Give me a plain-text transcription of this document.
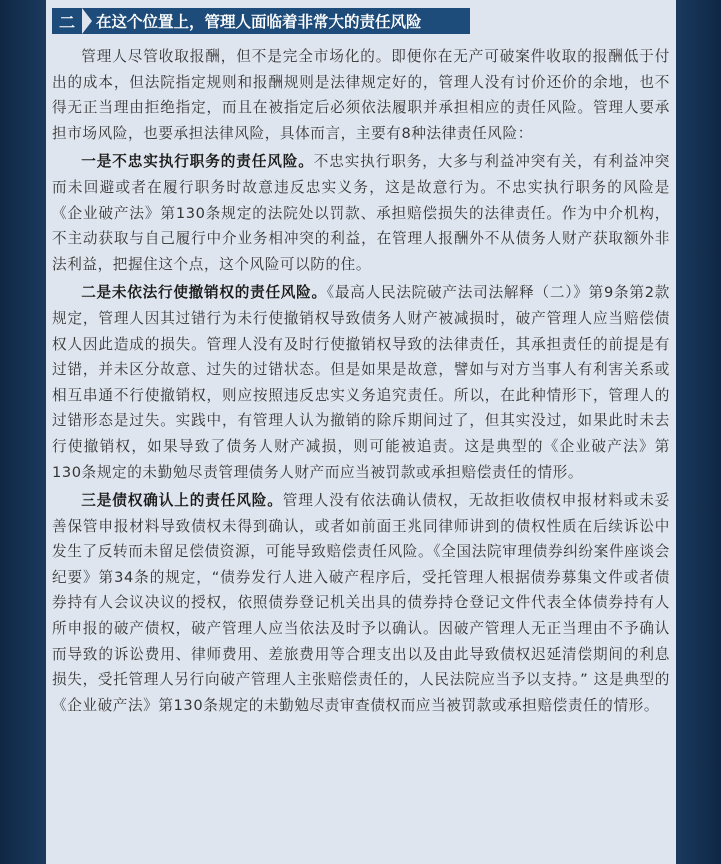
二	在这个位置上，管理人面临着非常大的责任风险

管理人尽管收取报酬，但不是完全市场化的。即便你在无产可破案件收取的报酬低于付出的成本，但法院指定规则和报酬规则是法律规定好的，管理人没有讨价还价的余地，也不得无正当理由拒绝指定，而且在被指定后必须依法履职并承担相应的责任风险。管理人要承担市场风险，也要承担法律风险，具体而言，主要有8种法律责任风险：

一是不忠实执行职务的责任风险。不忠实执行职务，大多与利益冲突有关，有利益冲突而未回避或者在履行职务时故意违反忠实义务，这是故意行为。不忠实执行职务的风险是《企业破产法》第130条规定的法院处以罚款、承担赔偿损失的法律责任。作为中介机构，不主动获取与自己履行中介业务相冲突的利益，在管理人报酬外不从债务人财产获取额外非法利益，把握住这个点，这个风险可以防的住。

二是未依法行使撤销权的责任风险。《最高人民法院破产法司法解释（二）》第9条第2款规定，管理人因其过错行为未行使撤销权导致债务人财产被减损时，破产管理人应当赔偿债权人因此造成的损失。管理人没有及时行使撤销权导致的法律责任，其承担责任的前提是有过错，并未区分故意、过失的过错状态。但是如果是故意，譬如与对方当事人有利害关系或相互串通不行使撤销权，则应按照违反忠实义务追究责任。所以，在此种情形下，管理人的过错形态是过失。实践中，有管理人认为撤销的除斥期间过了，但其实没过，如果此时未去行使撤销权，如果导致了债务人财产减损，则可能被追责。这是典型的《企业破产法》第130条规定的未勤勉尽责管理债务人财产而应当被罚款或承担赔偿责任的情形。

三是债权确认上的责任风险。管理人没有依法确认债权，无故拒收债权申报材料或未妥善保管申报材料导致债权未得到确认，或者如前面王兆同律师讲到的债权性质在后续诉讼中发生了反转而未留足偿债资源，可能导致赔偿责任风险。《全国法院审理债券纠纷案件座谈会纪要》第34条的规定，“债券发行人进入破产程序后，受托管理人根据债券募集文件或者债券持有人会议决议的授权，依照债券登记机关出具的债券持仓登记文件代表全体债券持有人所申报的破产债权，破产管理人应当依法及时予以确认。因破产管理人无正当理由不予确认而导致的诉讼费用、律师费用、差旅费用等合理支出以及由此导致债权迟延清偿期间的利息损失，受托管理人另行向破产管理人主张赔偿责任的，人民法院应当予以支持。” 这是典型的《企业破产法》第130条规定的未勤勉尽责审查债权而应当被罚款或承担赔偿责任的情形。
